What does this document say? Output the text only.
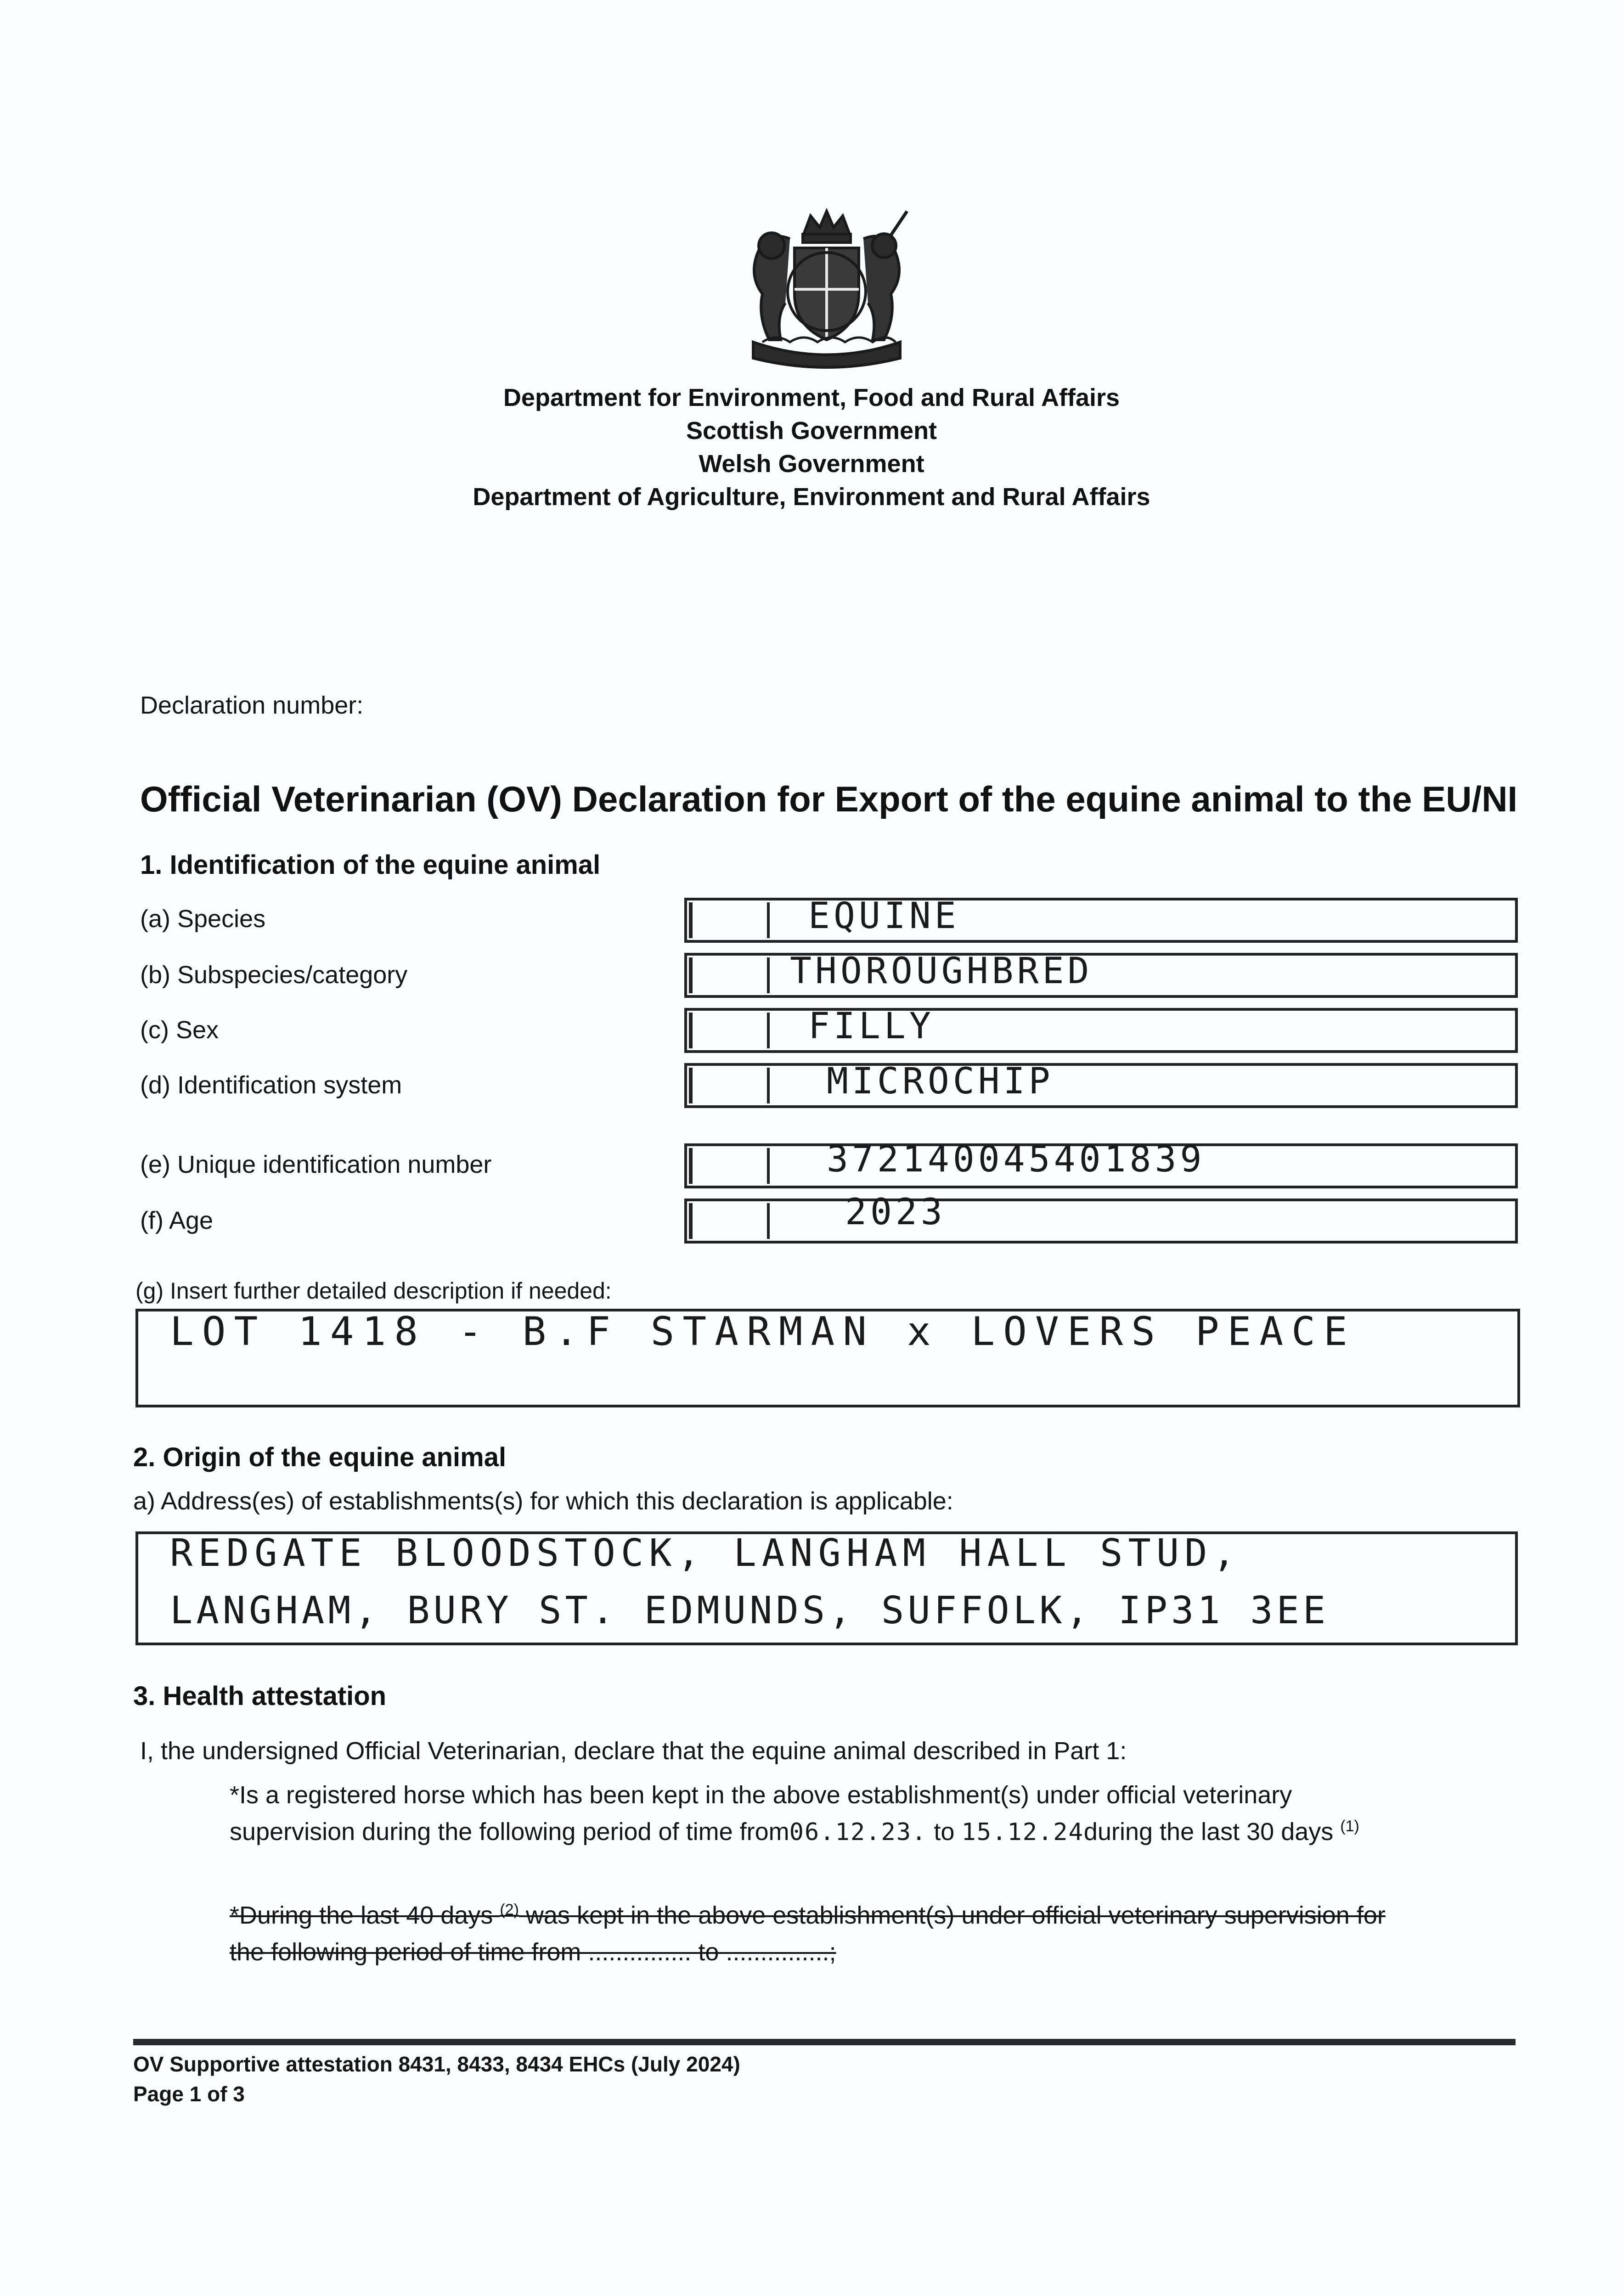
Department for Environment, Food and Rural Affairs
Scottish Government
Welsh Government
Department of Agriculture, Environment and Rural Affairs
Declaration number:
Official Veterinarian (OV) Declaration for Export of the equine animal to the EU/NI
1. Identification of the equine animal
(a) Species	EQUINE
(b) Subspecies/category	THOROUGHBRED
(c) Sex	FILLY
(d) Identification system	MICROCHIP
(e) Unique identification number	372140045401839
(f) Age	2023
(g) Insert further detailed description if needed:
LOT 1418 - B.F STARMAN x LOVERS PEACE
2. Origin of the equine animal
a) Address(es) of establishments(s) for which this declaration is applicable:
REDGATE BLOODSTOCK, LANGHAM HALL STUD,
LANGHAM, BURY ST. EDMUNDS, SUFFOLK, IP31 3EE
3. Health attestation
I, the undersigned Official Veterinarian, declare that the equine animal described in Part 1:
*Is a registered horse which has been kept in the above establishment(s) under official veterinary
supervision during the following period of time from06.12.23. to 15.12.24during the last 30 days $^{(1)}$
*During the last 40 days $^{(2)}$ was kept in the above establishment(s) under official veterinary supervision for
the following period of time from ............... to ...............;
OV Supportive attestation 8431, 8433, 8434 EHCs (July 2024)
Page 1 of 3
